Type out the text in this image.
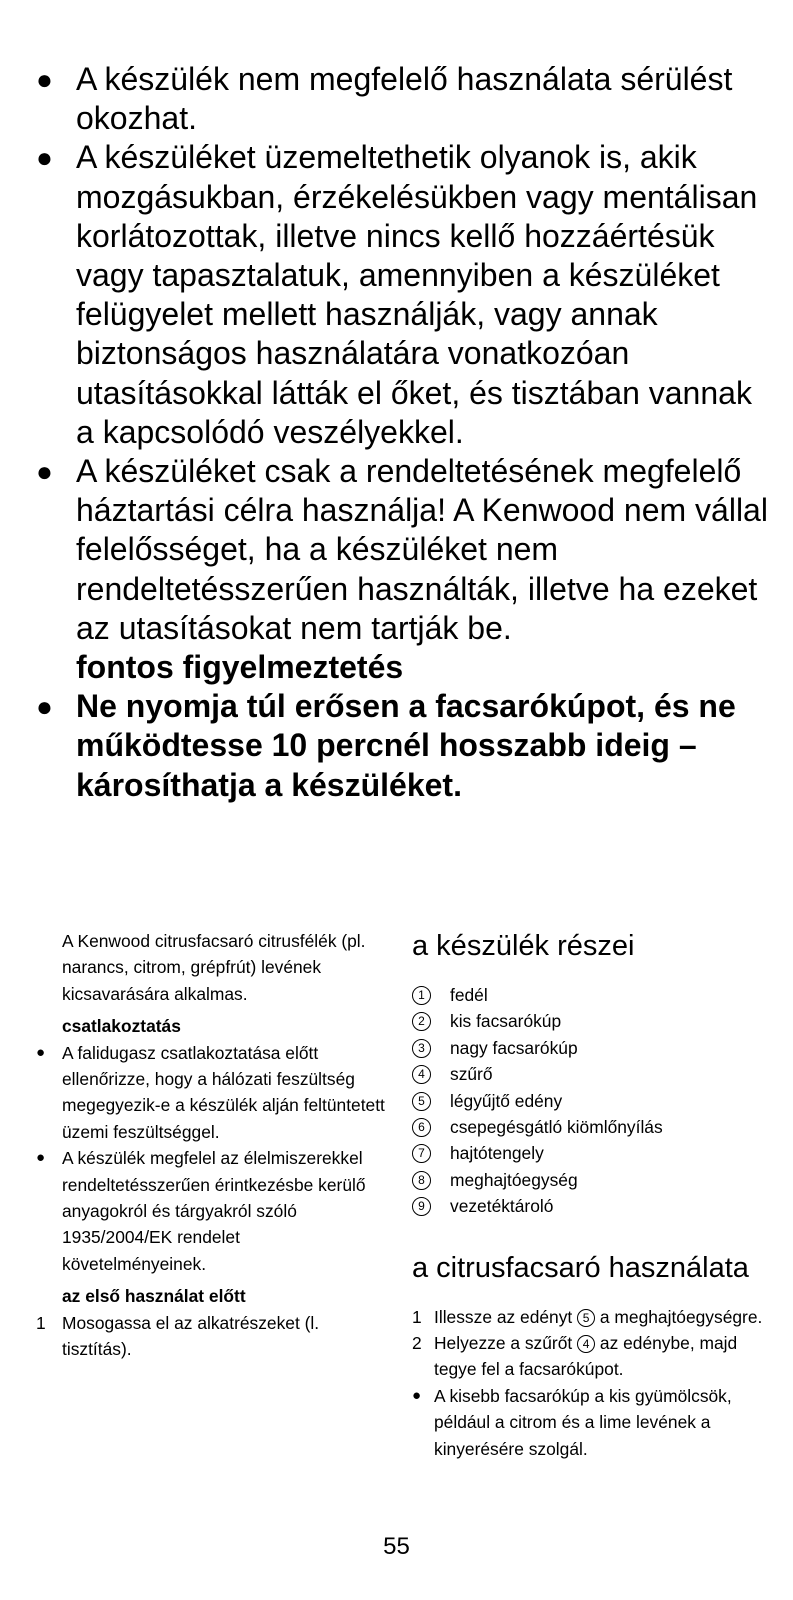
● A készülék nem megfelelő használata sérülést okozhat.
● A készüléket üzemeltethetik olyanok is, akik mozgásukban, érzékelésükben vagy mentálisan korlátozottak, illetve nincs kellő hozzáértésük vagy tapasztalatuk, amennyiben a készüléket felügyelet mellett használják, vagy annak biztonságos használatára vonatkozóan utasításokkal látták el őket, és tisztában vannak a kapcsolódó veszélyekkel.
● A készüléket csak a rendeltetésének megfelelő háztartási célra használja! A Kenwood nem vállal felelősséget, ha a készüléket nem rendeltetésszerűen használták, illetve ha ezeket az utasításokat nem tartják be.
fontos figyelmeztetés
● Ne nyomja túl erősen a facsarókúpot, és ne működtesse 10 percnél hosszabb ideig – károsíthatja a készüléket.

A Kenwood citrusfacsaró citrusfélék (pl. narancs, citrom, grépfrút) levének kicsavarására alkalmas.

csatlakoztatás
● A falidugasz csatlakoztatása előtt ellenőrizze, hogy a hálózati feszültség megegyezik-e a készülék alján feltüntetett üzemi feszültséggel.
● A készülék megfelel az élelmiszerekkel rendeltetésszerűen érintkezésbe kerülő anyagokról és tárgyakról szóló 1935/2004/EK rendelet követelményeinek.
az első használat előtt
1 Mosogassa el az alkatrészeket (l. tisztítás).
a készülék részei
1	fedél
2	kis facsarókúp
3	nagy facsarókúp
4	szűrő
5	légyűjtő edény
6	csepegésgátló kiömlőnyílás
7	hajtótengely
8	meghajtóegység
9	vezetéktároló
a citrusfacsaró használata
1 Illessze az edényt 5 a meghajtóegységre.
2 Helyezze a szűrőt 4 az edénybe, majd tegye fel a facsarókúpot.
● A kisebb facsarókúp a kis gyümölcsök, például a citrom és a lime levének a kinyerésére szolgál.
55
